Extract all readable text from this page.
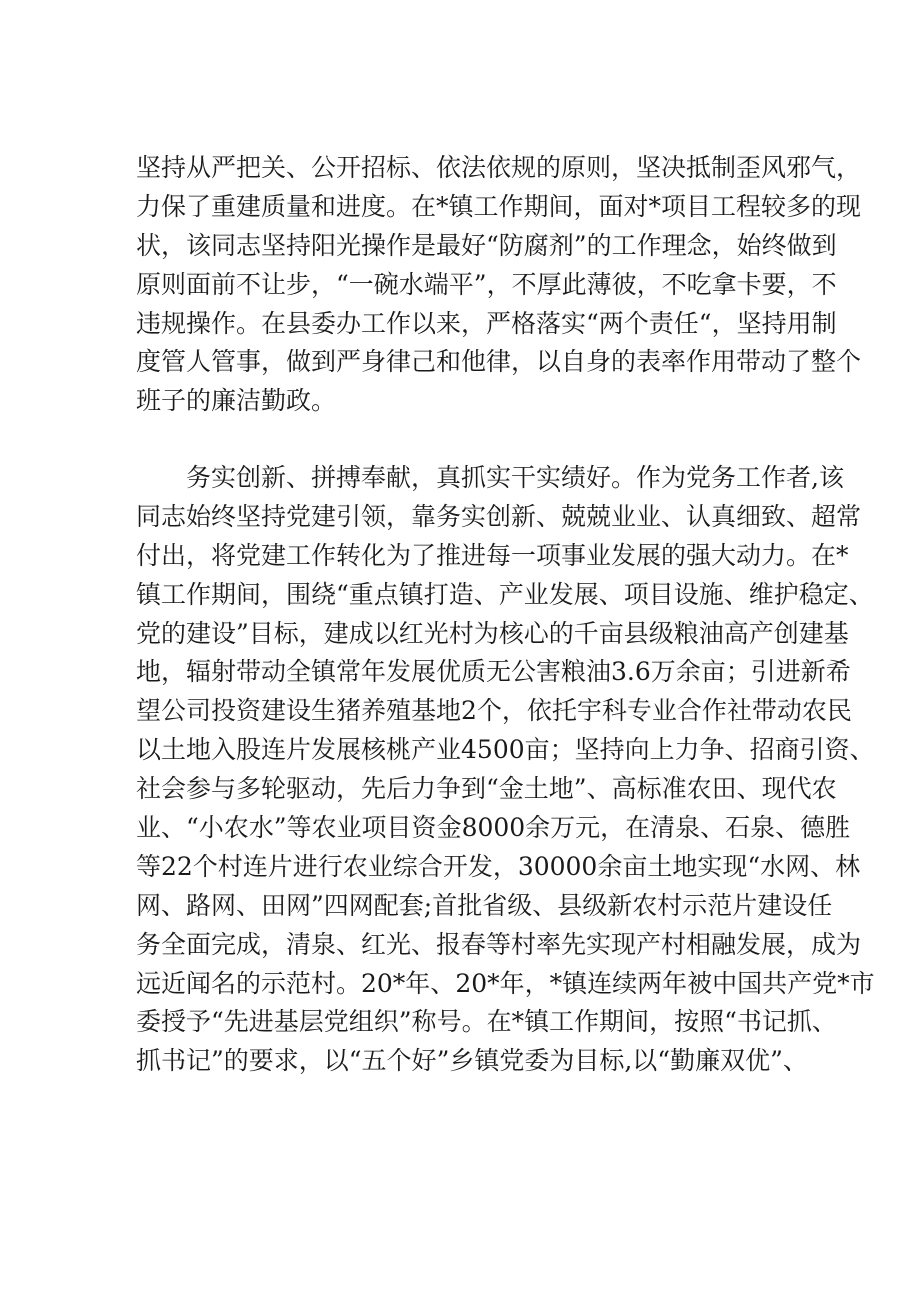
坚持从严把关、公开招标、依法依规的原则，坚决抵制歪风邪气，
力保了重建质量和进度。在*镇工作期间，面对*项目工程较多的现
状，该同志坚持阳光操作是最好“防腐剂”的工作理念，始终做到
原则面前不让步，“一碗水端平”，不厚此薄彼，不吃拿卡要，不
违规操作。在县委办工作以来，严格落实“两个责任“，坚持用制
度管人管事，做到严身律己和他律，以自身的表率作用带动了整个
班子的廉洁勤政。
务实创新、拼搏奉献，真抓实干实绩好。作为党务工作者,该
同志始终坚持党建引领，靠务实创新、兢兢业业、认真细致、超常
付出，将党建工作转化为了推进每一项事业发展的强大动力。在*
镇工作期间，围绕“重点镇打造、产业发展、项目设施、维护稳定、
党的建设”目标，建成以红光村为核心的千亩县级粮油高产创建基
地，辐射带动全镇常年发展优质无公害粮油3.6万余亩；引进新希
望公司投资建设生猪养殖基地2个，依托宇科专业合作社带动农民
以土地入股连片发展核桃产业4500亩；坚持向上力争、招商引资、
社会参与多轮驱动，先后力争到“金土地”、高标准农田、现代农
业、“小农水”等农业项目资金8000余万元，在清泉、石泉、德胜
等22个村连片进行农业综合开发，30000余亩土地实现“水网、林
网、路网、田网”四网配套;首批省级、县级新农村示范片建设任
务全面完成，清泉、红光、报春等村率先实现产村相融发展，成为
远近闻名的示范村。20*年、20*年，*镇连续两年被中国共产党*市
委授予“先进基层党组织”称号。在*镇工作期间，按照“书记抓、
抓书记”的要求，以“五个好”乡镇党委为目标,以“勤廉双优”、
